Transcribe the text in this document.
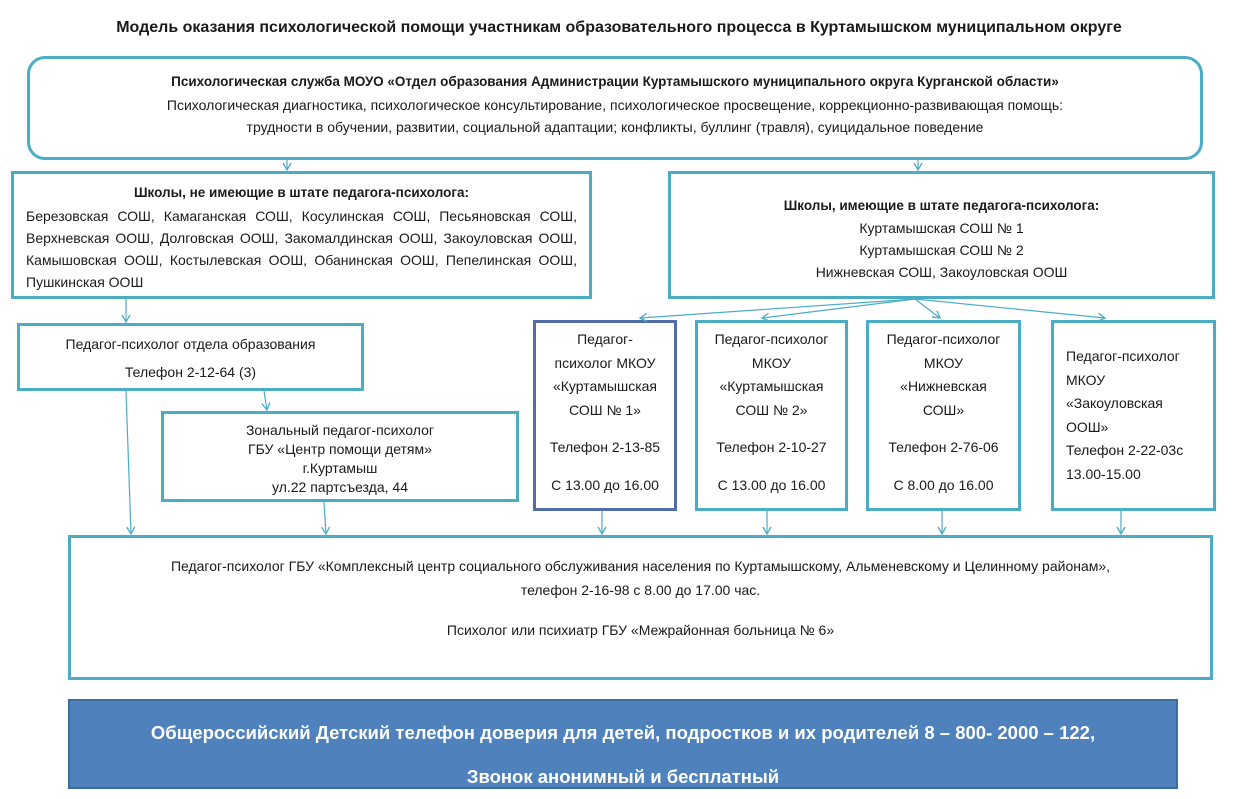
Модель оказания психологической помощи участникам образовательного процесса в Куртамышском муниципальном округе
Психологическая служба МОУО «Отдел образования Администрации Куртамышского муниципального округа Курганской области»
Психологическая диагностика, психологическое консультирование, психологическое просвещение, коррекционно-развивающая помощь:
трудности в обучении, развитии, социальной адаптации; конфликты, буллинг (травля), суицидальное поведение
Школы, не имеющие в штате педагога-психолога:
Березовская СОШ, Камаганская СОШ, Косулинская СОШ, Песьяновская СОШ, Верхневская ООШ, Долговская ООШ, Закомалдинская ООШ, Закоуловская ООШ, Камышовская ООШ, Костылевская ООШ, Обанинская ООШ, Пепелинская ООШ, Пушкинская ООШ
Школы, имеющие в штате педагога-психолога:
Куртамышская СОШ № 1
Куртамышская СОШ № 2
Нижневская СОШ, Закоуловская ООШ
Педагог-психолог отдела образования
Телефон 2-12-64 (3)
Зональный педагог-психолог
ГБУ «Центр помощи детям»
г.Куртамыш
ул.22 партсъезда, 44
Педагог-
психолог МКОУ
«Куртамышская
СОШ № 1»
Телефон 2-13-85
С 13.00 до 16.00
Педагог-психолог
МКОУ
«Куртамышская
СОШ № 2»
Телефон 2-10-27
С 13.00 до 16.00
Педагог-психолог
МКОУ
«Нижневская
СОШ»
Телефон 2-76-06
С 8.00 до 16.00
Педагог-психолог
МКОУ
«Закоуловская
ООШ»
Телефон 2-22-03с
13.00-15.00
Педагог-психолог ГБУ «Комплексный центр социального обслуживания населения по Куртамышскому, Альменевскому и Целинному районам»,
телефон 2-16-98 с 8.00 до 17.00 час.
Психолог или психиатр ГБУ «Межрайонная больница № 6»
Общероссийский Детский телефон доверия для детей, подростков и их родителей 8 – 800- 2000 – 122,
Звонок анонимный и бесплатный
